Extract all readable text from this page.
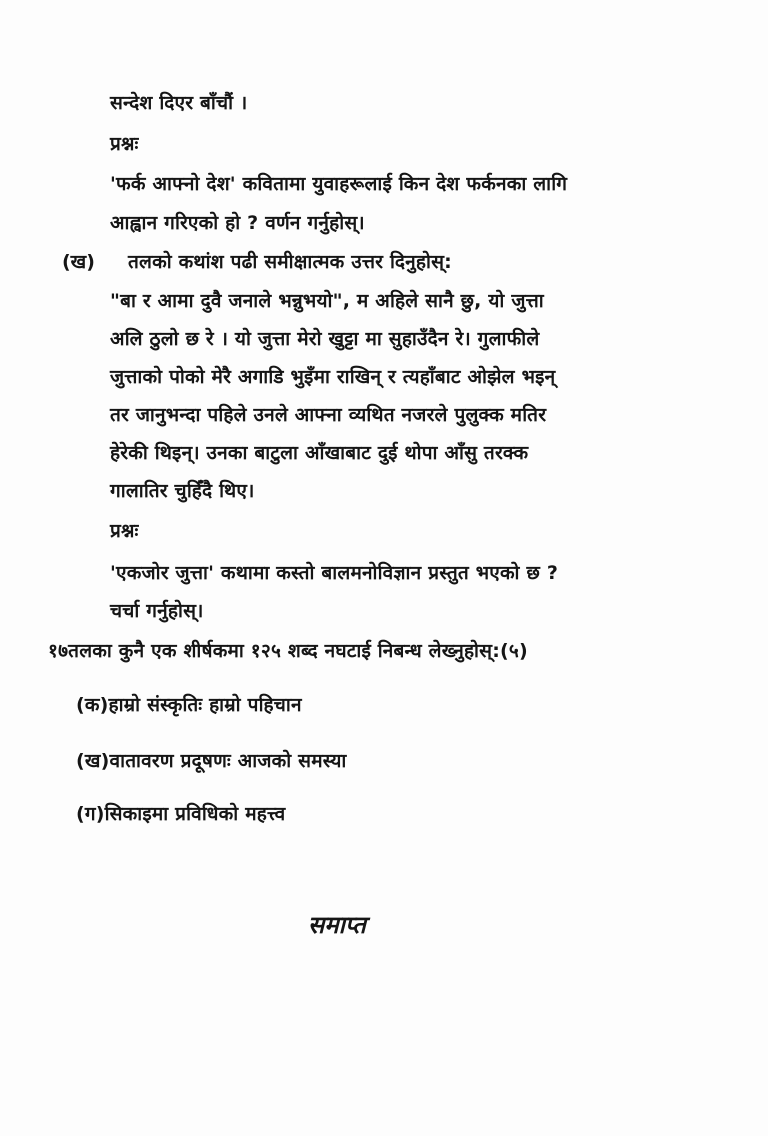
सन्देश दिएर बाँचौं ।
प्रश्नः
'फर्क आफ्नो देश' कवितामा युवाहरूलाई किन देश फर्कनका लागि
आह्वान गरिएको हो ? वर्णन गर्नुहोस्।
(ख) तलको कथांश पढी समीक्षात्मक उत्तर दिनुहोस्:
"बा र आमा दुवै जनाले भन्नुभयो", म अहिले सानै छु, यो जुत्ता
अलि ठुलो छ रे । यो जुत्ता मेरो खुट्टा मा सुहाउँदैन रे। गुलाफीले
जुत्ताको पोको मेरै अगाडि भुइँमा राखिन् र त्यहाँबाट ओझेल भइन्
तर जानुभन्दा पहिले उनले आफ्ना व्यथित नजरले पुलुक्क मतिर
हेरेकी थिइन्। उनका बाटुला आँखाबाट दुई थोपा आँसु तरक्क
गालातिर चुहिँदै थिए।
प्रश्नः
'एकजोर जुत्ता' कथामा कस्तो बालमनोविज्ञान प्रस्तुत भएको छ ?
चर्चा गर्नुहोस्।
१७तलका कुनै एक शीर्षकमा १२५ शब्द नघटाई निबन्ध लेख्नुहोस्:(५)
(क)हाम्रो संस्कृतिः हाम्रो पहिचान
(ख)वातावरण प्रदूषणः आजको समस्या
(ग)सिकाइमा प्रविधिको महत्त्व
समाप्त
